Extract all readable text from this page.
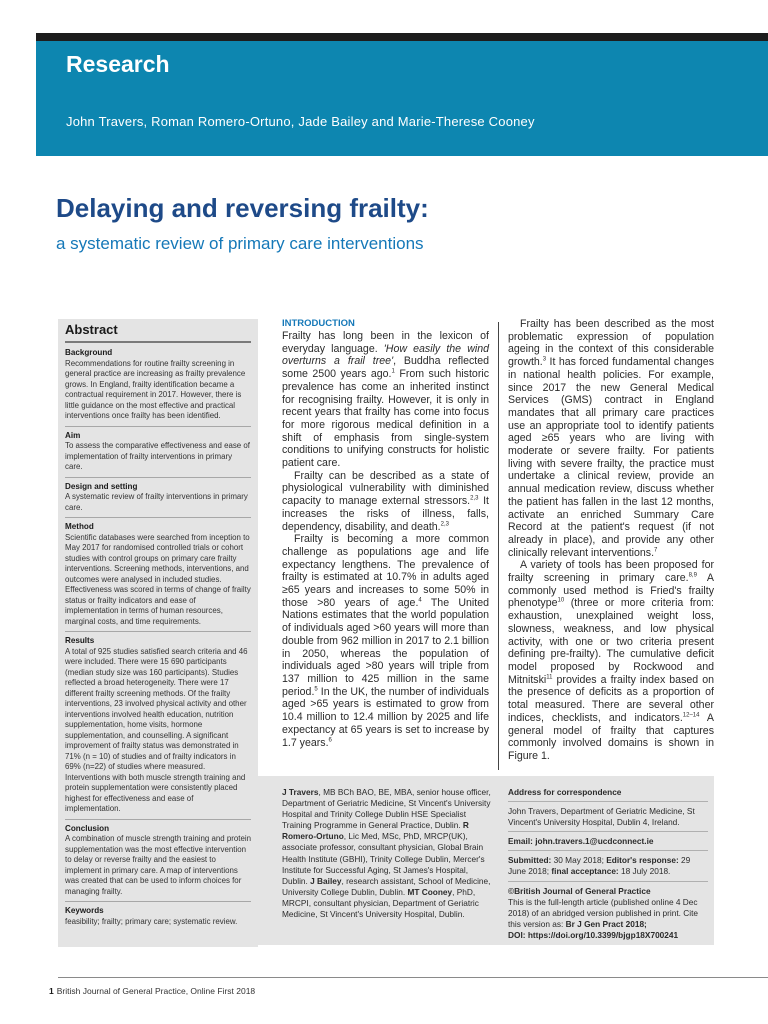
Research
John Travers, Roman Romero-Ortuno, Jade Bailey and Marie-Therese Cooney
Delaying and reversing frailty:
a systematic review of primary care interventions
Abstract
Background
Recommendations for routine frailty screening in general practice are increasing as frailty prevalence grows. In England, frailty identification became a contractual requirement in 2017. However, there is little guidance on the most effective and practical interventions once frailty has been identified.
Aim
To assess the comparative effectiveness and ease of implementation of frailty interventions in primary care.
Design and setting
A systematic review of frailty interventions in primary care.
Method
Scientific databases were searched from inception to May 2017 for randomised controlled trials or cohort studies with control groups on primary care frailty interventions. Screening methods, interventions, and outcomes were analysed in included studies. Effectiveness was scored in terms of change of frailty status or frailty indicators and ease of implementation in terms of human resources, marginal costs, and time requirements.
Results
A total of 925 studies satisfied search criteria and 46 were included. There were 15 690 participants (median study size was 160 participants). Studies reflected a broad heterogeneity. There were 17 different frailty screening methods. Of the frailty interventions, 23 involved physical activity and other interventions involved health education, nutrition supplementation, home visits, hormone supplementation, and counselling. A significant improvement of frailty status was demonstrated in 71% (n = 10) of studies and of frailty indicators in 69% (n=22) of studies where measured. Interventions with both muscle strength training and protein supplementation were consistently placed highest for effectiveness and ease of implementation.
Conclusion
A combination of muscle strength training and protein supplementation was the most effective intervention to delay or reverse frailty and the easiest to implement in primary care. A map of interventions was created that can be used to inform choices for managing frailty.
Keywords
feasibility; frailty; primary care; systematic review.
INTRODUCTION

Frailty has long been in the lexicon of everyday language. 'How easily the wind overturns a frail tree', Buddha reflected some 2500 years ago.$^1$ From such historic prevalence has come an inherited instinct for recognising frailty. However, it is only in recent years that frailty has come into focus for more rigorous medical definition in a shift of emphasis from single-system conditions to unifying constructs for holistic patient care.

Frailty can be described as a state of physiological vulnerability with diminished capacity to manage external stressors.$^{2,3}$ It increases the risks of illness, falls, dependency, disability, and death.$^{2,3}$

Frailty is becoming a more common challenge as populations age and life expectancy lengthens. The prevalence of frailty is estimated at 10.7% in adults aged ≥65 years and increases to some 50% in those >80 years of age.$^4$ The United Nations estimates that the world population of individuals aged >60 years will more than double from 962 million in 2017 to 2.1 billion in 2050, whereas the population of individuals aged >80 years will triple from 137 million to 425 million in the same period.$^5$ In the UK, the number of individuals aged >65 years is estimated to grow from 10.4 million to 12.4 million by 2025 and life expectancy at 65 years is set to increase by 1.7 years.$^6$

Frailty has been described as the most problematic expression of population ageing in the context of this considerable growth.$^3$ It has forced fundamental changes in national health policies. For example, since 2017 the new General Medical Services (GMS) contract in England mandates that all primary care practices use an appropriate tool to identify patients aged ≥65 years who are living with moderate or severe frailty. For patients living with severe frailty, the practice must undertake a clinical review, provide an annual medication review, discuss whether the patient has fallen in the last 12 months, activate an enriched Summary Care Record at the patient's request (if not already in place), and provide any other clinically relevant interventions.$^7$

A variety of tools has been proposed for frailty screening in primary care.$^{8,9}$ A commonly used method is Fried's frailty phenotype$^{10}$ (three or more criteria from: exhaustion, unexplained weight loss, slowness, weakness, and low physical activity, with one or two criteria present defining pre-frailty). The cumulative deficit model proposed by Rockwood and Mitnitski$^{11}$ provides a frailty index based on the presence of deficits as a proportion of total measured. There are several other indices, checklists, and indicators.$^{12-14}$ A general model of frailty that captures commonly involved domains is shown in Figure 1.

J Travers, MB BCh BAO, BE, MBA, senior house officer, Department of Geriatric Medicine, St Vincent's University Hospital and Trinity College Dublin HSE Specialist Training Programme in General Practice, Dublin. R Romero-Ortuno, Lic Med, MSc, PhD, MRCP(UK), associate professor, consultant physician, Global Brain Health Institute (GBHI), Trinity College Dublin, Mercer's Institute for Successful Aging, St James's Hospital, Dublin. J Bailey, research assistant, School of Medicine, University College Dublin, Dublin. MT Cooney, PhD, MRCPI, consultant physician, Department of Geriatric Medicine, St Vincent's University Hospital, Dublin.
Address for correspondence
John Travers, Department of Geriatric Medicine, St Vincent's University Hospital, Dublin 4, Ireland.
Email: john.travers.1@ucdconnect.ie
Submitted: 30 May 2018; Editor's response: 29 June 2018; final acceptance: 18 July 2018.
©British Journal of General Practice
This is the full-length article (published online 4 Dec 2018) of an abridged version published in print. Cite this version as: Br J Gen Pract 2018;
DOI: https://doi.org/10.3399/bjgp18X700241
1 British Journal of General Practice, Online First 2018
